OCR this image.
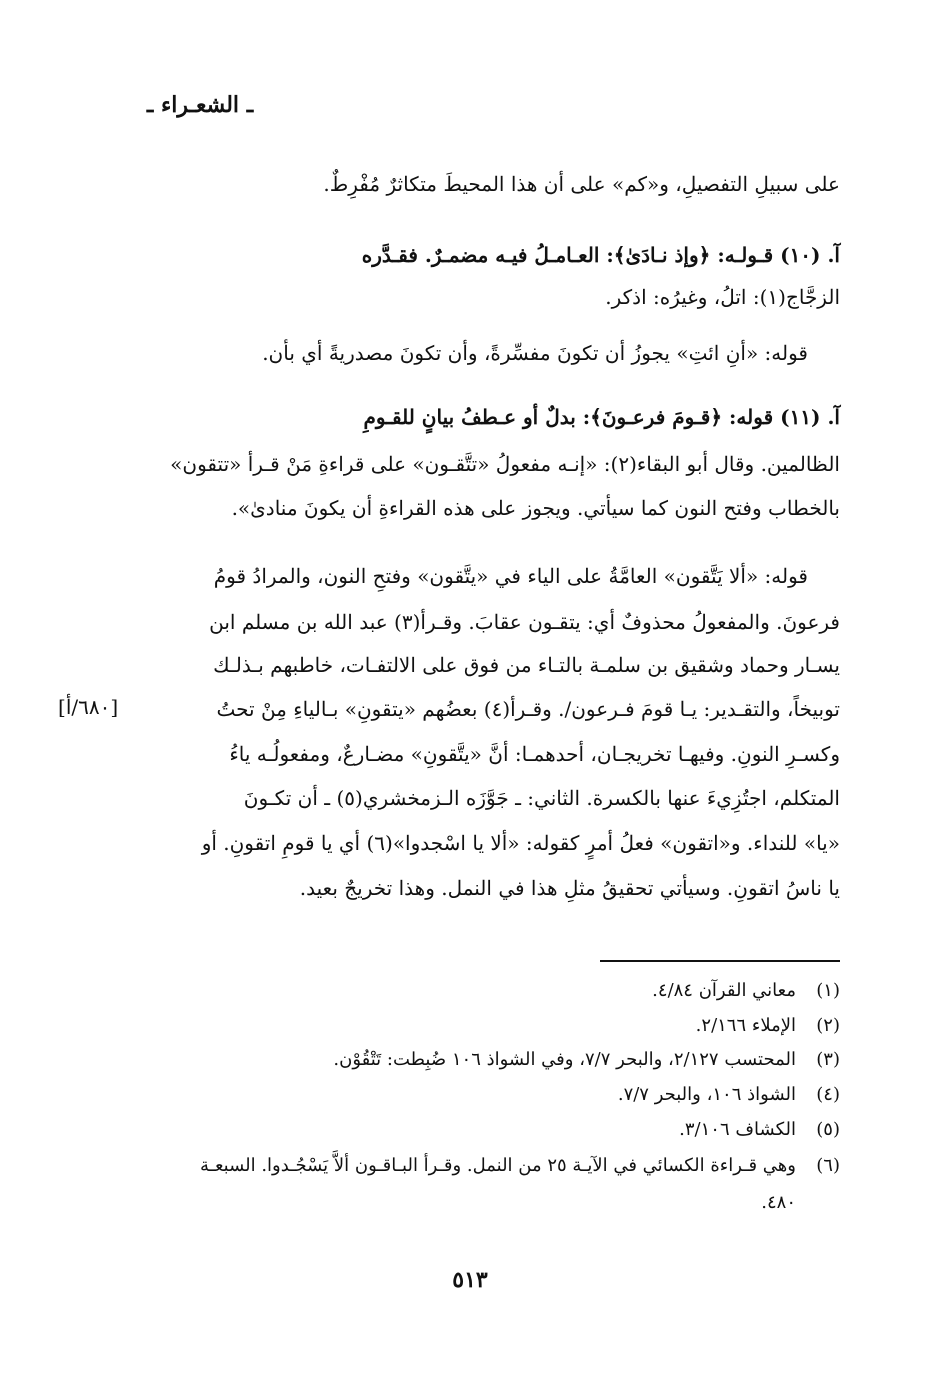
ـ الشعـراء ـ
على سبيلِ التفصيلِ، و«كم» على أن هذا المحيطَ متكاثرٌ مُفْرِطٌ.
آ. (١٠) قـولـه: ﴿وإذ نـادَىٰ﴾: العـامـلُ فيـه مضمـرٌ. فقـدَّره
الزجَّاج(١): اتلُ، وغيرُه: اذكر.
قوله: «أنِ ائتِ» يجوزُ أن تكونَ مفسِّرةً، وأن تكونَ مصدريةً أي بأن.
آ. (١١) قوله: ﴿قـومَ فرعـونَ﴾: بدلٌ أو عـطفُ بيانٍ للقـومِ
الظالمين. وقال أبو البقاء(٢): «إنـه مفعولُ «تتَّقـون» على قراءةِ مَنْ قـرأ «تتقون»
بالخطاب وفتح النون كما سيأتي. ويجوز على هذه القراءةِ أن يكونَ منادىٰ».
قوله: «ألا يَتَّقون» العامَّةُ على الياء في «يتَّقون» وفتحِ النون، والمرادُ قومُ
فرعونَ. والمفعولُ محذوفٌ أي: يتقـون عقابَ. وقـرأ(٣) عبد الله بن مسلم ابن
يسـار وحماد وشقيق بن سلمـة بالتـاء من فوق على الالتفـات، خاطبهم بـذلـك
توبيخاً، والتقـدير: يـا قومَ فـرعون/. وقـرأ(٤) بعضُهم «يتقونِ» بـالياءِ مِنْ تحتُ
وكسـرِ النونِ. وفيهـا تخريجـان، أحدهمـا: أنَّ «يتَّقونِ» مضـارعٌ، ومفعولُـه ياءُ
المتكلم، اجتُزِيءَ عنها بالكسرة. الثاني: ـ جَوَّزَه الـزمخشري(٥) ـ أن تكـونَ
«يا» للنداء. و«اتقون» فعلُ أمرٍ كقوله: «ألا يا اسْجدوا»(٦) أي يا قومِ اتقونِ. أو
يا ناسُ اتقونِ. وسيأتي تحقيقُ مثلِ هذا في النمل. وهذا تخريجٌ بعيد.
[٦٨٠/أ]
(١)معاني القرآن ٤/٨٤.
(٢)الإملاء ٢/١٦٦.
(٣)المحتسب ٢/١٢٧، والبحر ٧/٧، وفي الشواذ ١٠٦ ضُبِطت: تَتْقُوْن.
(٤)الشواذ ١٠٦، والبحر ٧/٧.
(٥)الكشاف ٣/١٠٦.
(٦)وهي قـراءة الكسائي في الآيـة ٢٥ من النمل. وقـرأ البـاقـون ألاَّ يَسْجُـدوا. السبعـة
٤٨٠.
٥١٣
